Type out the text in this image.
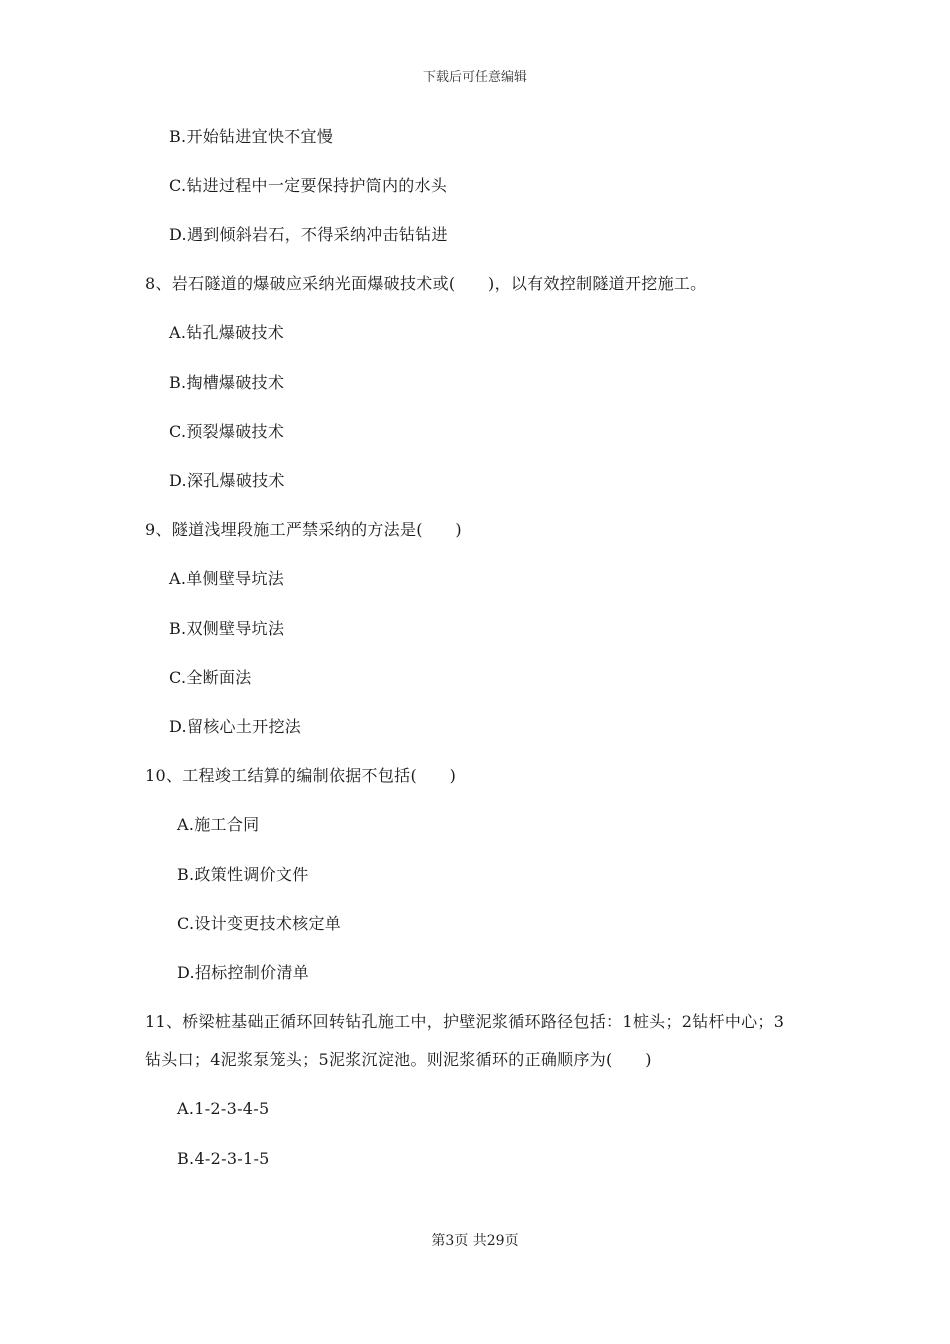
下载后可任意编辑
B.开始钻进宜快不宜慢
C.钻进过程中一定要保持护筒内的水头
D.遇到倾斜岩石，不得采纳冲击钻钻进
8、岩石隧道的爆破应采纳光面爆破技术或(　　)，以有效控制隧道开挖施工。
A.钻孔爆破技术
B.掏槽爆破技术
C.预裂爆破技术
D.深孔爆破技术
9、隧道浅埋段施工严禁采纳的方法是(　　)
A.单侧壁导坑法
B.双侧壁导坑法
C.全断面法
D.留核心土开挖法
10、工程竣工结算的编制依据不包括(　　)
A.施工合同
B.政策性调价文件
C.设计变更技术核定单
D.招标控制价清单
11、桥梁桩基础正循环回转钻孔施工中，护壁泥浆循环路径包括：1桩头；2钻杆中心；3
钻头口；4泥浆泵笼头；5泥浆沉淀池。则泥浆循环的正确顺序为(　　)
A.1-2-3-4-5
B.4-2-3-1-5
第3页 共29页
